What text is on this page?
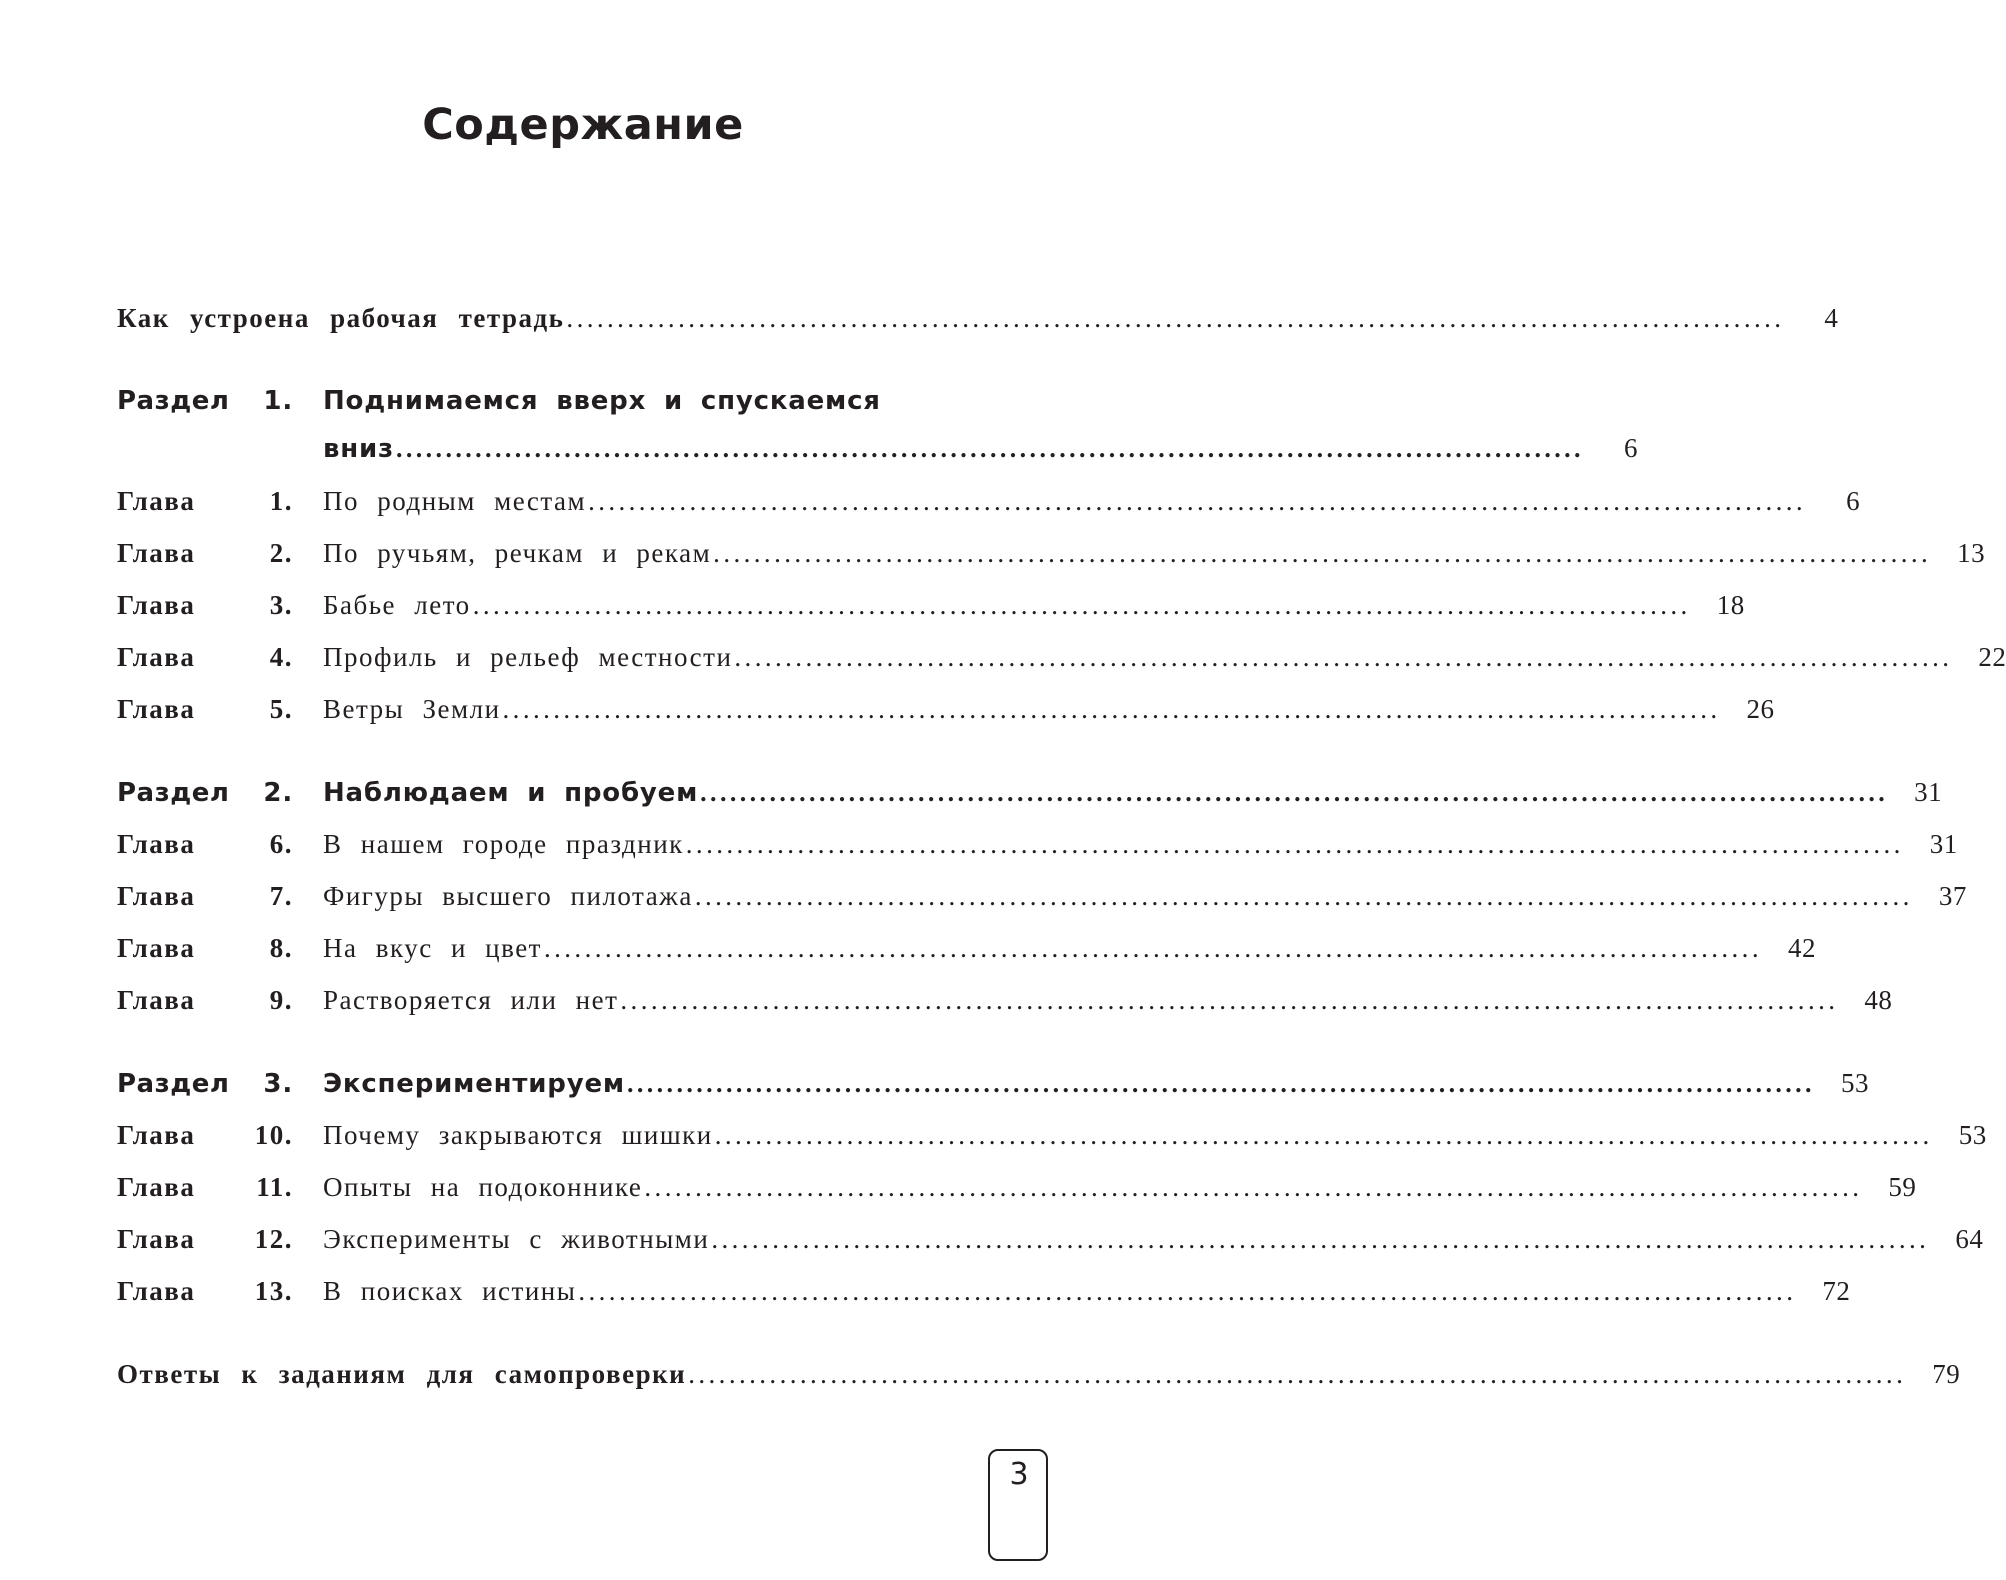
Содержание
Как устроена рабочая тетрадь ........................................................................................................................	4
Раздел	1. Поднимаемся вверх и спускаемся
вниз ........................................................................................................................	6
Глава	1. По родным местам ........................................................................................................................	6
Глава	2. По ручьям, речкам и рекам ........................................................................................................................ 13
Глава	3. Бабье лето ........................................................................................................................ 18
Глава	4. Профиль и рельеф местности ........................................................................................................................ 22
Глава	5. Ветры Земли ........................................................................................................................ 26
Раздел	2. Наблюдаем и пробуем ........................................................................................................................ 31
Глава	6. В нашем городе праздник ........................................................................................................................ 31
Глава	7. Фигуры высшего пилотажа ........................................................................................................................ 37
Глава	8. На вкус и цвет ........................................................................................................................ 42
Глава	9. Растворяется или нет ........................................................................................................................ 48
Раздел	3. Экспериментируем ........................................................................................................................ 53
Глава	10. Почему закрываются шишки ........................................................................................................................ 53
Глава	11. Опыты на подоконнике ........................................................................................................................ 59
Глава	12. Эксперименты с животными ........................................................................................................................ 64
Глава	13. В поисках истины ........................................................................................................................ 72
Ответы к заданиям для самопроверки ........................................................................................................................ 79
3
